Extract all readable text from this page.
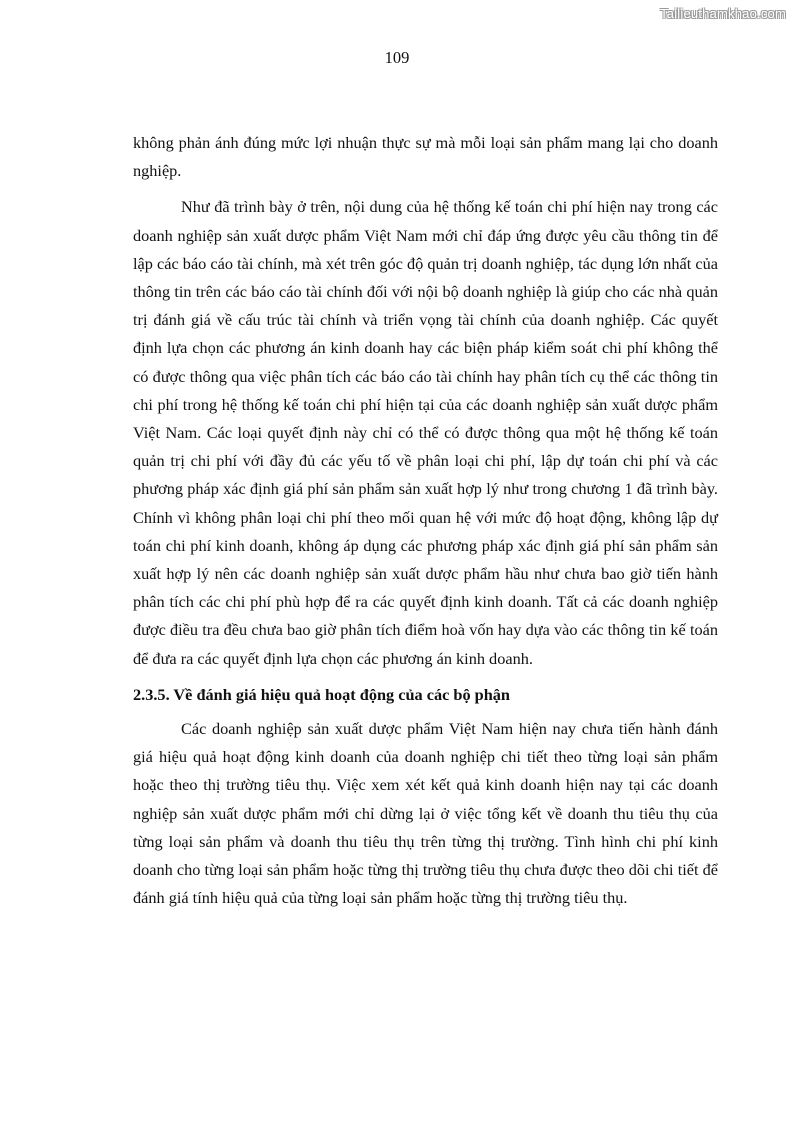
Tailieuthamkhao.com
109

không phản ánh đúng mức lợi nhuận thực sự mà mỗi loại sản phẩm mang lại cho doanh nghiệp.

Như đã trình bày ở trên, nội dung của hệ thống kế toán chi phí hiện nay trong các doanh nghiệp sản xuất dược phẩm Việt Nam mới chỉ đáp ứng được yêu cầu thông tin để lập các báo cáo tài chính, mà xét trên góc độ quản trị doanh nghiệp, tác dụng lớn nhất của thông tin trên các báo cáo tài chính đối với nội bộ doanh nghiệp là giúp cho các nhà quản trị đánh giá về cấu trúc tài chính và triển vọng tài chính của doanh nghiệp. Các quyết định lựa chọn các phương án kinh doanh hay các biện pháp kiểm soát chi phí không thể có được thông qua việc phân tích các báo cáo tài chính hay phân tích cụ thể các thông tin chi phí trong hệ thống kế toán chi phí hiện tại của các doanh nghiệp sản xuất dược phẩm Việt Nam. Các loại quyết định này chỉ có thể có được thông qua một hệ thống kế toán quản trị chi phí với đầy đủ các yếu tố về phân loại chi phí, lập dự toán chi phí và các phương pháp xác định giá phí sản phẩm sản xuất hợp lý như trong chương 1 đã trình bày. Chính vì không phân loại chi phí theo mối quan hệ với mức độ hoạt động, không lập dự toán chi phí kinh doanh, không áp dụng các phương pháp xác định giá phí sản phẩm sản xuất hợp lý nên các doanh nghiệp sản xuất dược phẩm hầu như chưa bao giờ tiến hành phân tích các chi phí phù hợp để ra các quyết định kinh doanh. Tất cả các doanh nghiệp được điều tra đều chưa bao giờ phân tích điểm hoà vốn hay dựa vào các thông tin kế toán để đưa ra các quyết định lựa chọn các phương án kinh doanh.

2.3.5. Về đánh giá hiệu quả hoạt động của các bộ phận

Các doanh nghiệp sản xuất dược phẩm Việt Nam hiện nay chưa tiến hành đánh giá hiệu quả hoạt động kinh doanh của doanh nghiệp chi tiết theo từng loại sản phẩm hoặc theo thị trường tiêu thụ. Việc xem xét kết quả kinh doanh hiện nay tại các doanh nghiệp sản xuất dược phẩm mới chỉ dừng lại ở việc tổng kết về doanh thu tiêu thụ của từng loại sản phẩm và doanh thu tiêu thụ trên từng thị trường. Tình hình chi phí kinh doanh cho từng loại sản phẩm hoặc từng thị trường tiêu thụ chưa được theo dõi chi tiết để đánh giá tính hiệu quả của từng loại sản phẩm hoặc từng thị trường tiêu thụ.
